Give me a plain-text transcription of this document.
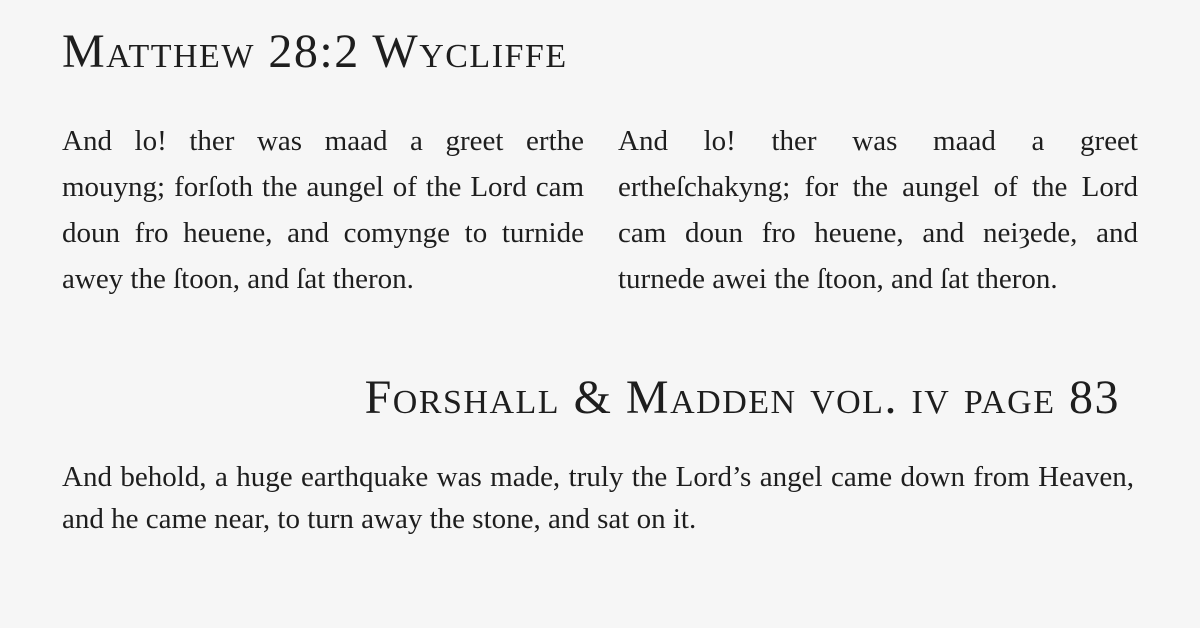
Matthew 28:2 Wycliffe

And lo! ther was maad a greet erthe mouyng; forſoth the aungel of the Lord cam doun fro heuene, and comynge to turnide awey the ſtoon, and ſat theron.

And lo! ther was maad a greet ertheſchakyng; for the aungel of the Lord cam doun fro heuene, and neiȝede, and turnede awei the ſtoon, and ſat theron.

Forshall & Madden vol. iv page 83

And behold, a huge earthquake was made, truly the Lord’s angel came down from Heaven, and he came near, to turn away the stone, and sat on it.
